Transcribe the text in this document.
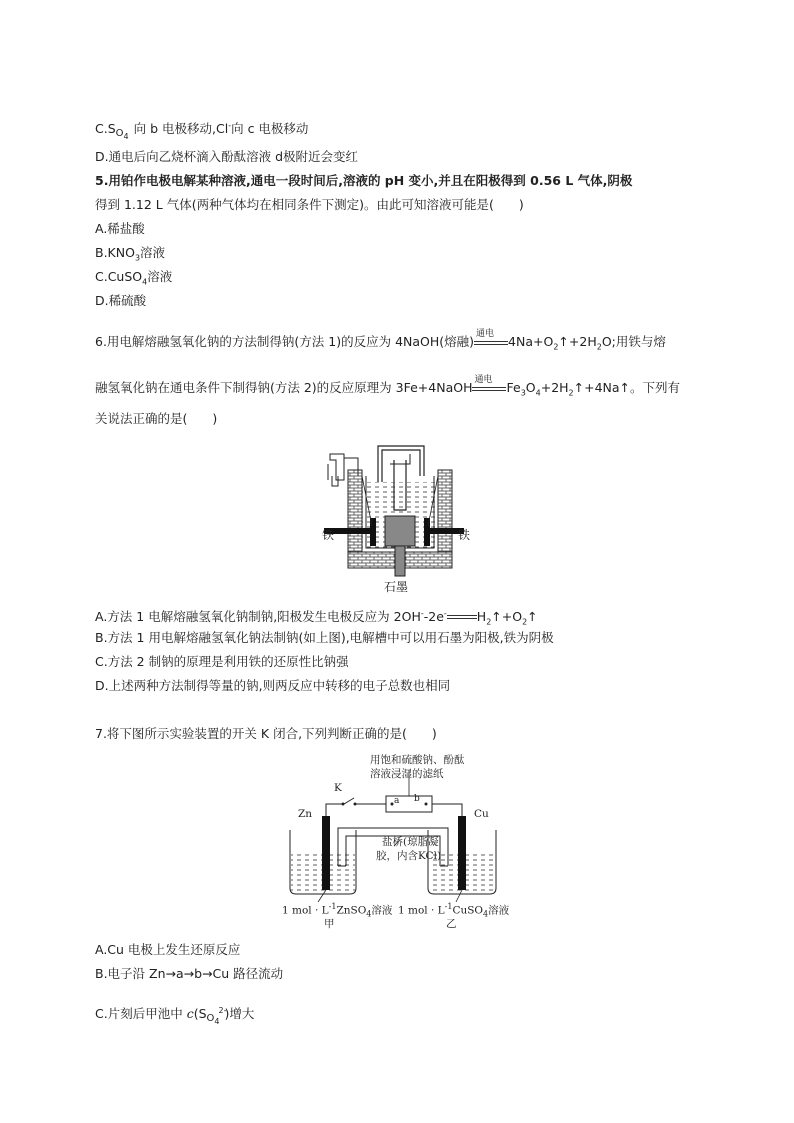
C.S $O_4$ 向 b 电极移动,Cl-向 c 电极移动
D.通电后向乙烧杯滴入酚酞溶液 d极附近会变红
5.用铂作电极电解某种溶液,通电一段时间后,溶液的 pH 变小,并且在阳极得到 0.56 L 气体,阴极
得到 1.12 L 气体(两种气体均在相同条件下测定)。由此可知溶液可能是(　　)
A.稀盐酸
$B.KNO_3$溶液
C.CuSO$_4$溶液
D.稀硫酸
6.用电解熔融氢氧化钠的方法制得钠(方法 1)的反应为 4NaOH(熔融)
通电
$4Na+O_2↑+2H_2O$;用铁与熔
融氢氧化钠在通电条件下制得钠(方法 2)的反应原理为 3Fe+4NaOH
通电
$Fe_3O_4+2H_2↑+4Na↑$。下列有
关说法正确的是(　　)
铁	铁
石墨
A.方法 1 电解熔融氢氧化钠制钠,阳极发生电极反应为 2OH--2e- $H_2↑+O_2↑$
B.方法 1 用电解熔融氢氧化钠法制钠(如上图),电解槽中可以用石墨为阳极,铁为阴极
C.方法 2 制钠的原理是利用铁的还原性比钠强
D.上述两种方法制得等量的钠,则两反应中转移的电子总数也相同
7.将下图所示实验装置的开关 K 闭合,下列判断正确的是(　　)
用饱和硫酸钠、酚酞
溶液浸湿的滤纸
K
Zn	Cu
a b
盐桥(琼脂凝
胶，内含KCl)
1 mol · $L^{-1}ZnSO_4$溶液 1 mol · $L^{-1}CuSO_4$溶液
甲	乙
A.Cu 电极上发生还原反应
B.电子沿 Zn→a→b→Cu 路径流动
C.片刻后甲池中 c(S $O_4$
2-
)增大
